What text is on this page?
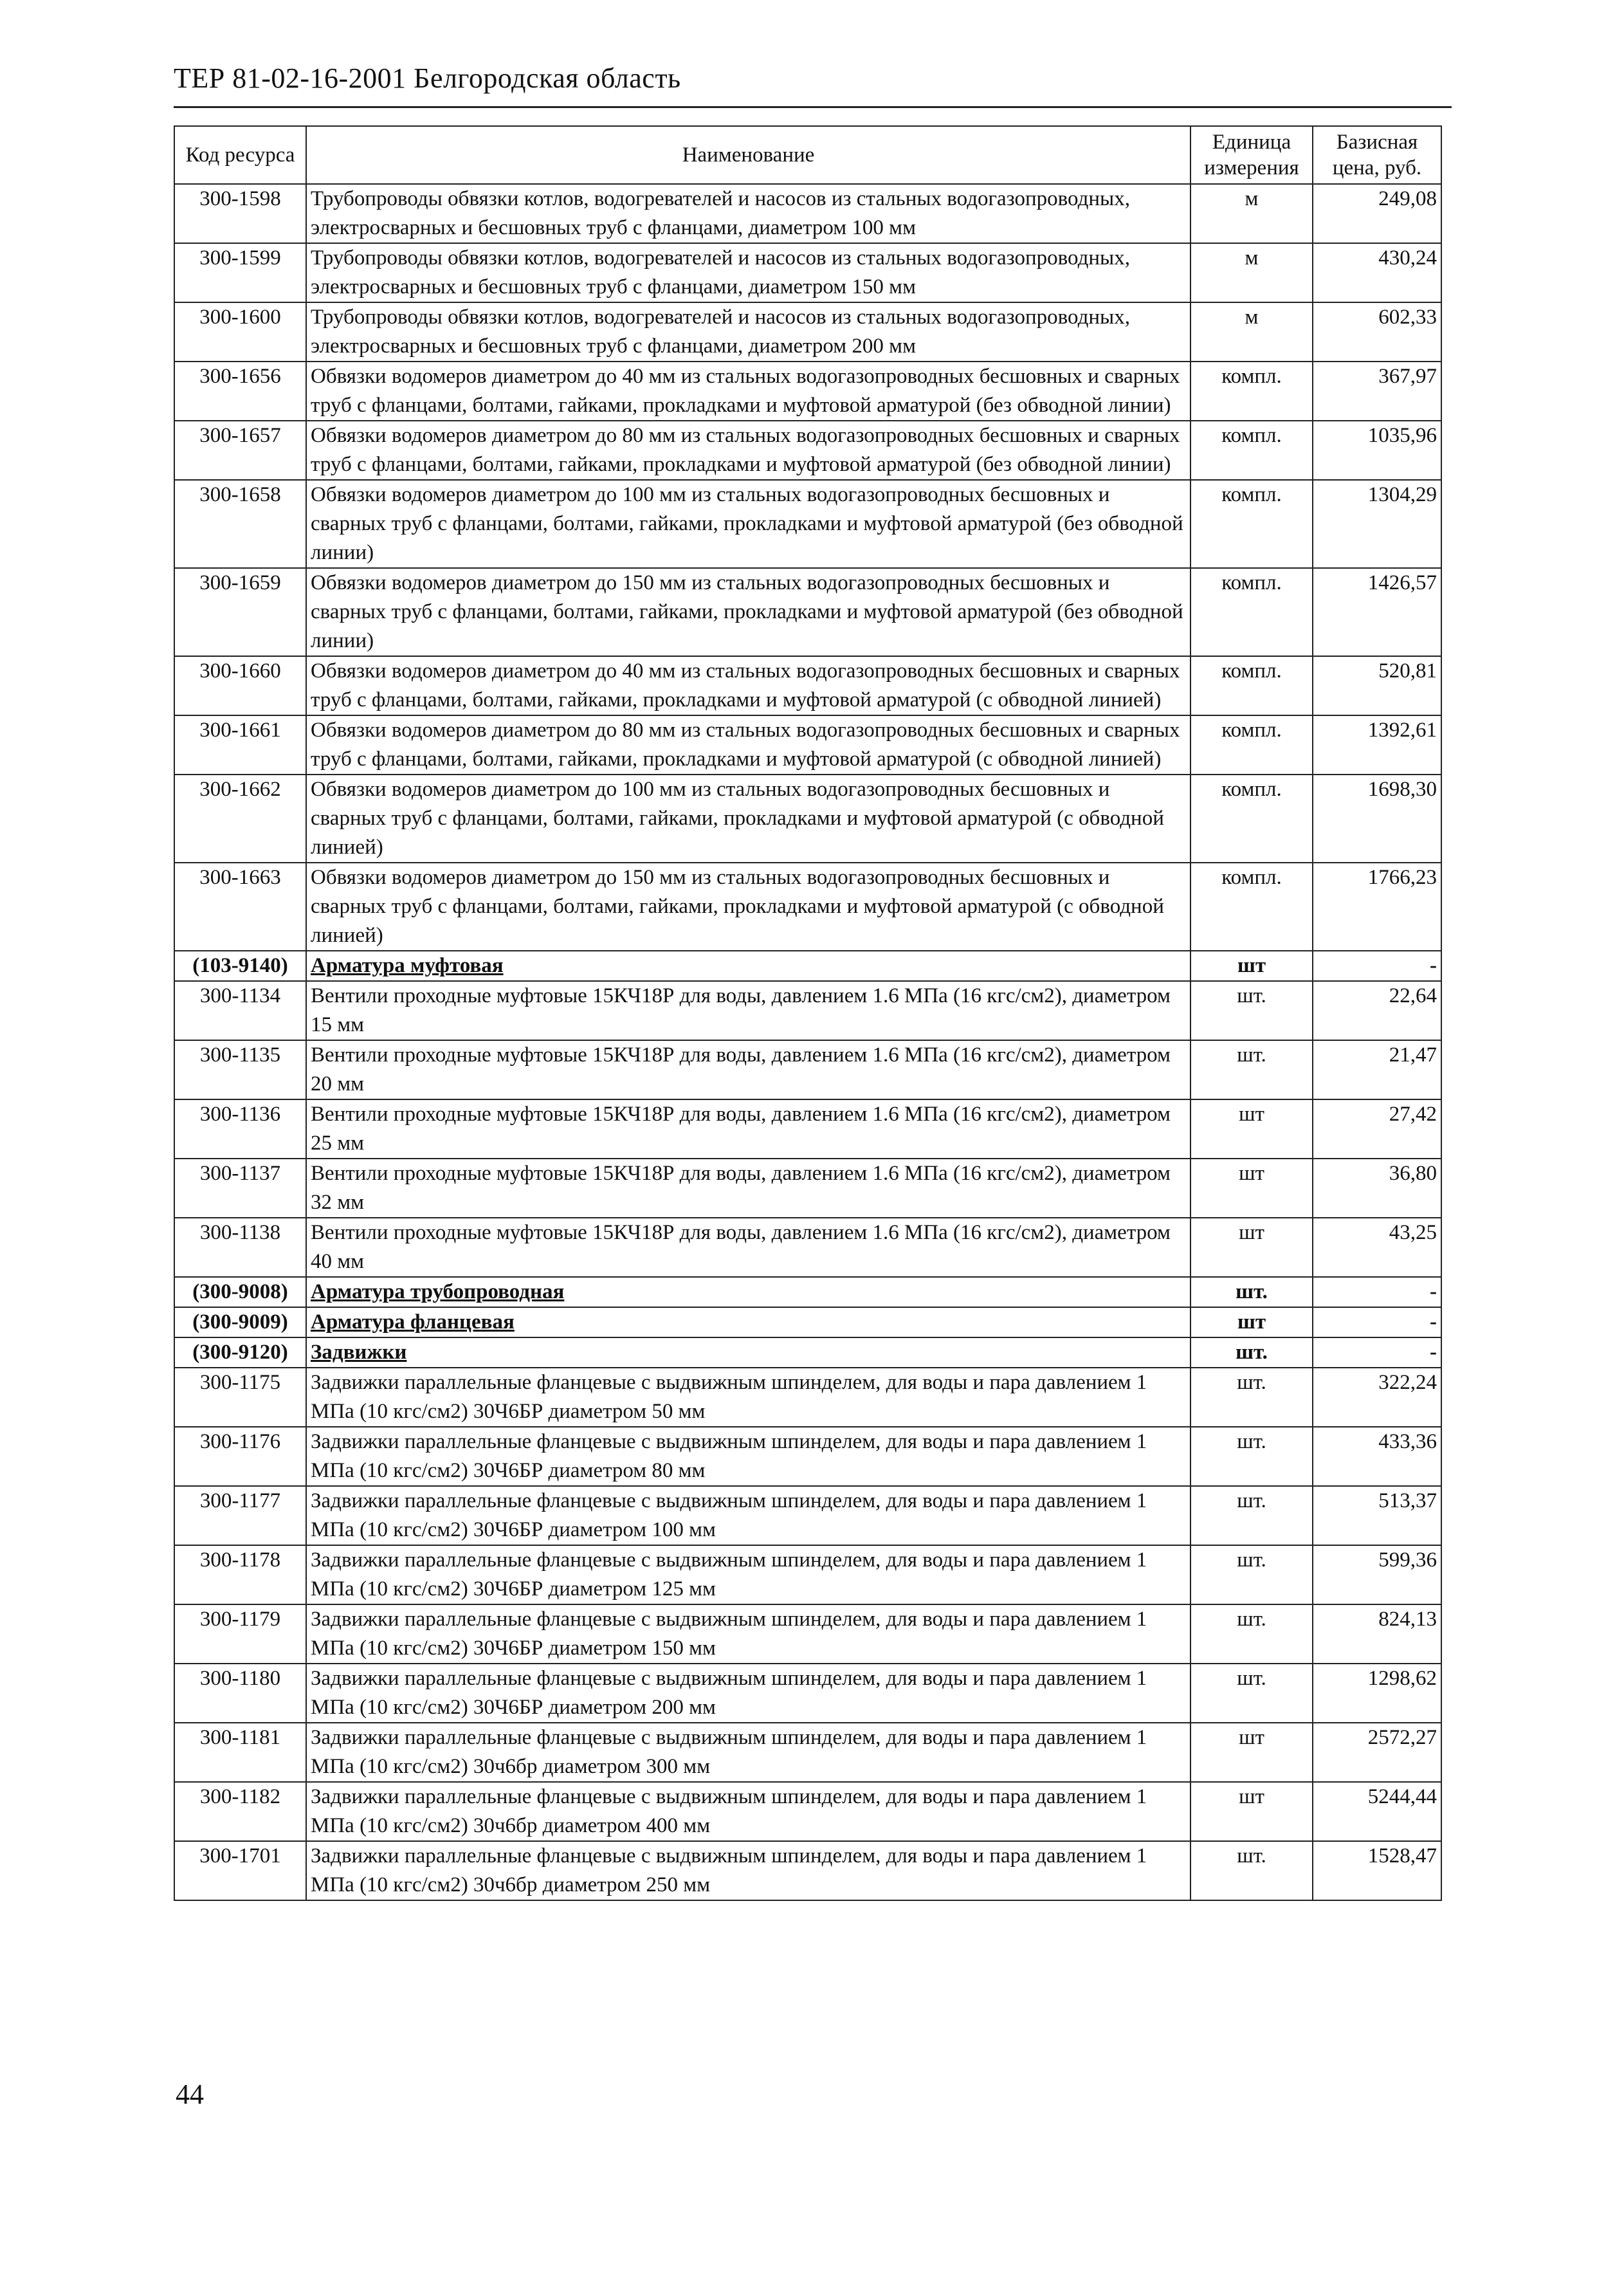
ТЕР 81-02-16-2001 Белгородская область
Код ресурса	Наименование	Единица измерения	Базисная цена, руб.
300-1598	Трубопроводы обвязки котлов, водогревателей и насосов из стальных водогазопроводных, электросварных и бесшовных труб с фланцами, диаметром 100 мм	м	249,08
300-1599	Трубопроводы обвязки котлов, водогревателей и насосов из стальных водогазопроводных, электросварных и бесшовных труб с фланцами, диаметром 150 мм	м	430,24
300-1600	Трубопроводы обвязки котлов, водогревателей и насосов из стальных водогазопроводных, электросварных и бесшовных труб с фланцами, диаметром 200 мм	м	602,33
300-1656	Обвязки водомеров диаметром до 40 мм из стальных водогазопроводных бесшовных и сварных труб с фланцами, болтами, гайками, прокладками и муфтовой арматурой (без обводной линии)	компл.	367,97
300-1657	Обвязки водомеров диаметром до 80 мм из стальных водогазопроводных бесшовных и сварных труб с фланцами, болтами, гайками, прокладками и муфтовой арматурой (без обводной линии)	компл.	1035,96
300-1658	Обвязки водомеров диаметром до 100 мм из стальных водогазопроводных бесшовных и сварных труб с фланцами, болтами, гайками, прокладками и муфтовой арматурой (без обводной линии)	компл.	1304,29
300-1659	Обвязки водомеров диаметром до 150 мм из стальных водогазопроводных бесшовных и сварных труб с фланцами, болтами, гайками, прокладками и муфтовой арматурой (без обводной линии)	компл.	1426,57
300-1660	Обвязки водомеров диаметром до 40 мм из стальных водогазопроводных бесшовных и сварных труб с фланцами, болтами, гайками, прокладками и муфтовой арматурой (с обводной линией)	компл.	520,81
300-1661	Обвязки водомеров диаметром до 80 мм из стальных водогазопроводных бесшовных и сварных труб с фланцами, болтами, гайками, прокладками и муфтовой арматурой (с обводной линией)	компл.	1392,61
300-1662	Обвязки водомеров диаметром до 100 мм из стальных водогазопроводных бесшовных и сварных труб с фланцами, болтами, гайками, прокладками и муфтовой арматурой (с обводной линией)	компл.	1698,30
300-1663	Обвязки водомеров диаметром до 150 мм из стальных водогазопроводных бесшовных и сварных труб с фланцами, болтами, гайками, прокладками и муфтовой арматурой (с обводной линией)	компл.	1766,23
(103-9140)	Арматура муфтовая	шт	-
300-1134	Вентили проходные муфтовые 15КЧ18Р для воды, давлением 1.6 МПа (16 кгс/см2), диаметром 15 мм	шт.	22,64
300-1135	Вентили проходные муфтовые 15КЧ18Р для воды, давлением 1.6 МПа (16 кгс/см2), диаметром 20 мм	шт.	21,47
300-1136	Вентили проходные муфтовые 15КЧ18Р для воды, давлением 1.6 МПа (16 кгс/см2), диаметром 25 мм	шт	27,42
300-1137	Вентили проходные муфтовые 15КЧ18Р для воды, давлением 1.6 МПа (16 кгс/см2), диаметром 32 мм	шт	36,80
300-1138	Вентили проходные муфтовые 15КЧ18Р для воды, давлением 1.6 МПа (16 кгс/см2), диаметром 40 мм	шт	43,25
(300-9008)	Арматура трубопроводная	шт.	-
(300-9009)	Арматура фланцевая	шт	-
(300-9120)	Задвижки	шт.	-
300-1175	Задвижки параллельные фланцевые с выдвижным шпинделем, для воды и пара давлением 1 МПа (10 кгс/см2) 30Ч6БР диаметром 50 мм	шт.	322,24
300-1176	Задвижки параллельные фланцевые с выдвижным шпинделем, для воды и пара давлением 1 МПа (10 кгс/см2) 30Ч6БР диаметром 80 мм	шт.	433,36
300-1177	Задвижки параллельные фланцевые с выдвижным шпинделем, для воды и пара давлением 1 МПа (10 кгс/см2) 30Ч6БР диаметром 100 мм	шт.	513,37
300-1178	Задвижки параллельные фланцевые с выдвижным шпинделем, для воды и пара давлением 1 МПа (10 кгс/см2) 30Ч6БР диаметром 125 мм	шт.	599,36
300-1179	Задвижки параллельные фланцевые с выдвижным шпинделем, для воды и пара давлением 1 МПа (10 кгс/см2) 30Ч6БР диаметром 150 мм	шт.	824,13
300-1180	Задвижки параллельные фланцевые с выдвижным шпинделем, для воды и пара давлением 1 МПа (10 кгс/см2) 30Ч6БР диаметром 200 мм	шт.	1298,62
300-1181	Задвижки параллельные фланцевые с выдвижным шпинделем, для воды и пара давлением 1 МПа (10 кгс/см2) 30ч6бр диаметром 300 мм	шт	2572,27
300-1182	Задвижки параллельные фланцевые с выдвижным шпинделем, для воды и пара давлением 1 МПа (10 кгс/см2) 30ч6бр диаметром 400 мм	шт	5244,44
300-1701	Задвижки параллельные фланцевые с выдвижным шпинделем, для воды и пара давлением 1 МПа (10 кгс/см2) 30ч6бр диаметром 250 мм	шт.	1528,47
44
